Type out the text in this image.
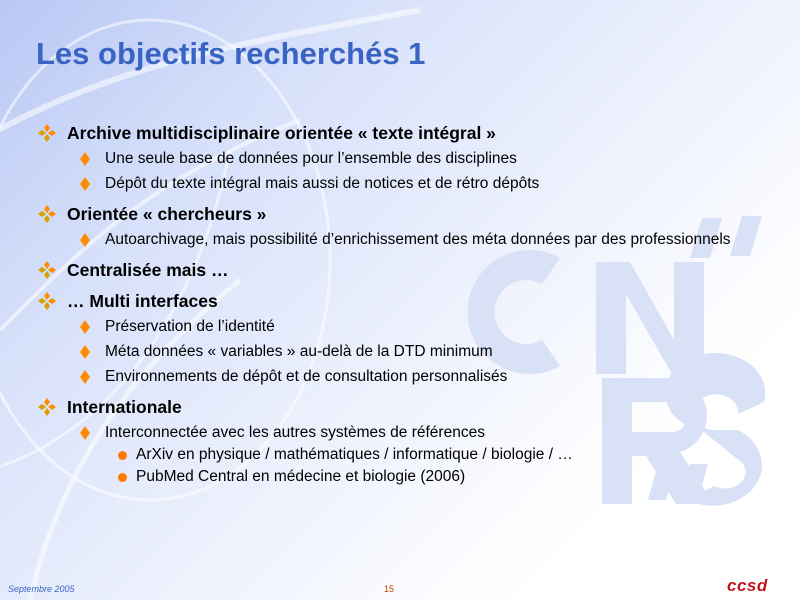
Les objectifs recherchés 1
Archive multidisciplinaire orientée « texte intégral »
Une seule base de données pour l’ensemble des disciplines
Dépôt du texte intégral mais aussi de notices et de rétro dépôts
Orientée « chercheurs »
Autoarchivage, mais possibilité d’enrichissement des méta données par des professionnels
Centralisée mais …
… Multi interfaces
Préservation de l’identité
Méta données « variables » au-delà de la DTD minimum
Environnements de dépôt et de consultation personnalisés
Internationale
Interconnectée avec les autres systèmes de références
ArXiv en physique / mathématiques / informatique / biologie / …
PubMed Central en médecine et biologie (2006)
Septembre 2005	15	ccsd
